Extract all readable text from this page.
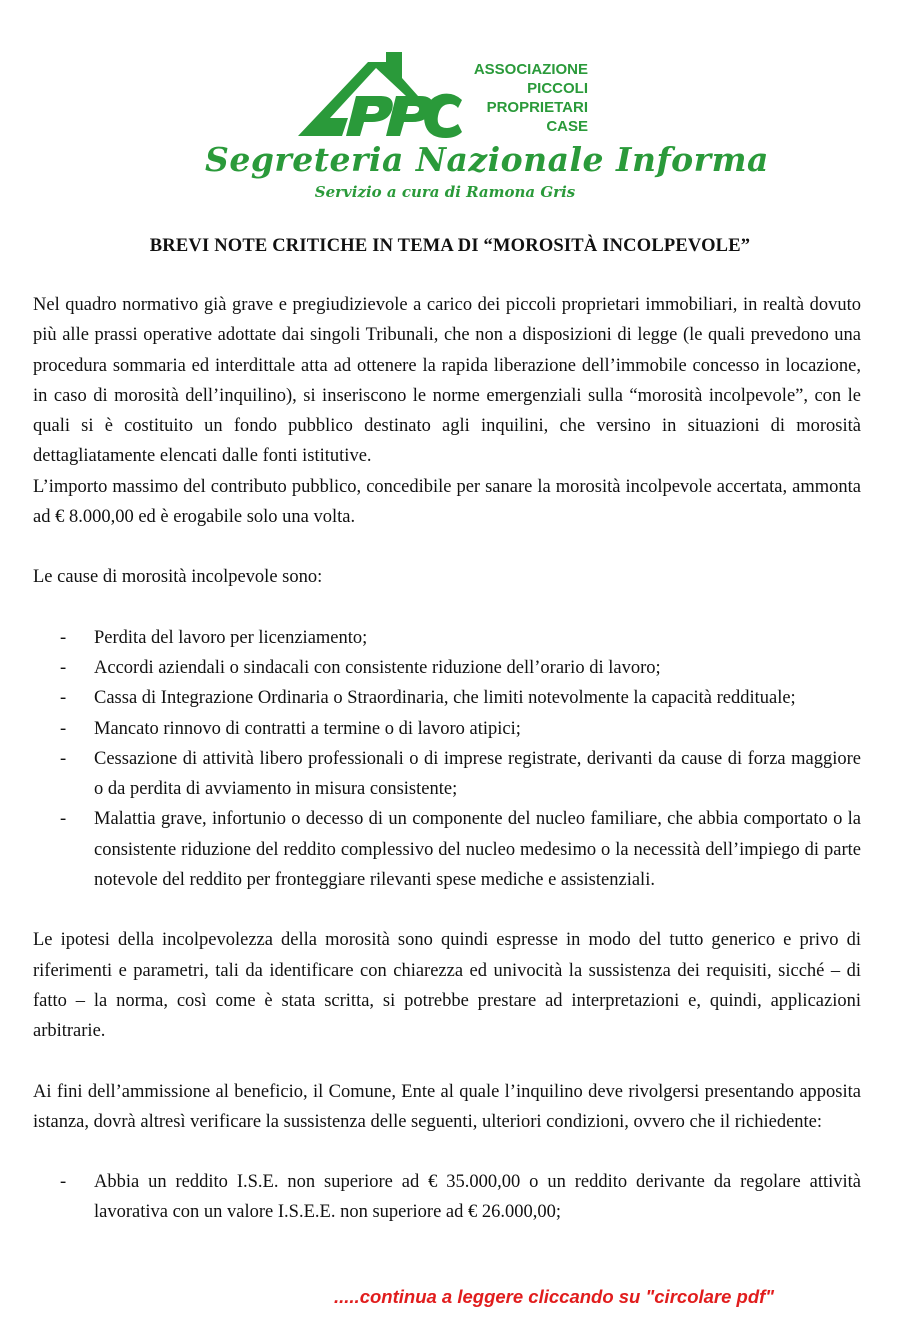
APPC
ASSOCIAZIONE
PICCOLI
PROPRIETARI
CASE
Segreteria Nazionale Informa
Servizio a cura di Ramona Gris
BREVI NOTE CRITICHE IN TEMA DI “MOROSITÀ INCOLPEVOLE”

Nel quadro normativo già grave e pregiudizievole a carico dei piccoli proprietari immobiliari, in realtà dovuto più alle prassi operative adottate dai singoli Tribunali, che non a disposizioni di legge (le quali prevedono una procedura sommaria ed interdittale atta ad ottenere la rapida liberazione dell’immobile concesso in locazione, in caso di morosità dell’inquilino), si inseriscono le norme emergenziali sulla “morosità incolpevole”, con le quali si è costituito un fondo pubblico destinato agli inquilini, che versino in situazioni di morosità dettagliatamente elencati dalle fonti istitutive.

L’importo massimo del contributo pubblico, concedibile per sanare la morosità incolpevole accertata, ammonta ad € 8.000,00 ed è erogabile solo una volta.

Le cause di morosità incolpevole sono:

- Perdita del lavoro per licenziamento;
- Accordi aziendali o sindacali con consistente riduzione dell’orario di lavoro;
- Cassa di Integrazione Ordinaria o Straordinaria, che limiti notevolmente la capacità reddituale;
- Mancato rinnovo di contratti a termine o di lavoro atipici;
- Cessazione di attività libero professionali o di imprese registrate, derivanti da cause di forza maggiore o da perdita di avviamento in misura consistente;
- Malattia grave, infortunio o decesso di un componente del nucleo familiare, che abbia comportato o la consistente riduzione del reddito complessivo del nucleo medesimo o la necessità dell’impiego di parte notevole del reddito per fronteggiare rilevanti spese mediche e assistenziali.

Le ipotesi della incolpevolezza della morosità sono quindi espresse in modo del tutto generico e privo di riferimenti e parametri, tali da identificare con chiarezza ed univocità la sussistenza dei requisiti, sicché – di fatto – la norma, così come è stata scritta, si potrebbe prestare ad interpretazioni e, quindi, applicazioni arbitrarie.

Ai fini dell’ammissione al beneficio, il Comune, Ente al quale l’inquilino deve rivolgersi presentando apposita istanza, dovrà altresì verificare la sussistenza delle seguenti, ulteriori condizioni, ovvero che il richiedente:

- Abbia un reddito I.S.E. non superiore ad € 35.000,00 o un reddito derivante da regolare attività lavorativa con un valore I.S.E.E. non superiore ad € 26.000,00;
.....continua a leggere cliccando su "circolare pdf"
